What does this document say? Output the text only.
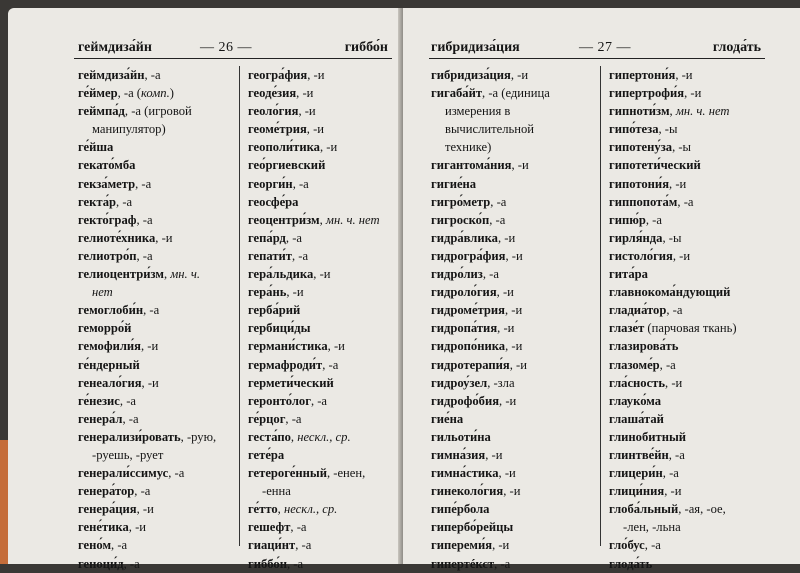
геймдиза́йн	— 26 —	гиббо́н
геймдиза́йн, -а
ге́ймер, -а (комп.)
геймпа́д, -а (игровой
манипулятор)
ге́йша
гекато́мба
гекза́метр, -а
гекта́р, -а
гекто́граф, -а
гелиоте́хника, -и
гелиотро́п, -а
гелиоцентри́зм, мн. ч.
нет
гемоглоби́н, -а
геморро́й
гемофили́я, -и
ге́ндерный
генеало́гия, -и
ге́незис, -а
генера́л, -а
генерализи́ровать, -рую,
-руешь, -рует
генерали́ссимус, -а
генера́тор, -а
генера́ция, -и
гене́тика, -и
гено́м, -а
геноци́д, -а
геогра́фия, -и
геоде́зия, -и
геоло́гия, -и
геоме́трия, -и
геополи́тика, -и
гео́ргиевский
георги́н, -а
геосфе́ра
геоцентри́зм, мн. ч. нет
гепа́рд, -а
гепати́т, -а
гера́льдика, -и
гера́нь, -и
герба́рий
гербици́ды
германи́стика, -и
гермафроди́т, -а
гермети́ческий
геронто́лог, -а
ге́рцог, -а
геста́по, нескл., ср.
гете́ра
гетероге́нный, -енен,
-енна
ге́тто, нескл., ср.
гешефт, -а
гиаци́нт, -а
гиббо́н, -а
гибридиза́ция	— 27 —	глода́ть
гибридиза́ция, -и
гигаба́йт, -а (единица
измерения в
вычислительной
технике)
гигантома́ния, -и
гигие́на
гигро́метр, -а
гигроско́п, -а
гидра́влика, -и
гидрогра́фия, -и
гидро́лиз, -а
гидроло́гия, -и
гидроме́трия, -и
гидропа́тия, -и
гидропо́ника, -и
гидротерапи́я, -и
гидроу́зел, -зла
гидрофо́бия, -и
гие́на
гильоти́на
гимна́зия, -и
гимна́стика, -и
гинеколо́гия, -и
гипе́рбола
гипербо́рейцы
гипереми́я, -и
гипертéкст, -а
гипертони́я, -и
гипертрофи́я, -и
гипноти́зм, мн. ч. нет
гипо́теза, -ы
гипотену́за, -ы
гипотети́ческий
гипотони́я, -и
гиппопота́м, -а
гипю́р, -а
гирля́нда, -ы
гистоло́гия, -и
гита́ра
главнокома́ндующий
гладиа́тор, -а
глазе́т (парчовая ткань)
глазирова́ть
глазоме́р, -а
гла́сность, -и
глауко́ма
глаша́тай
глинобитный
глинтве́йн, -а
глицери́н, -а
глици́ния, -и
глоба́льный, -ая, -ое,
-лен, -льна
гло́бус, -а
глода́ть
